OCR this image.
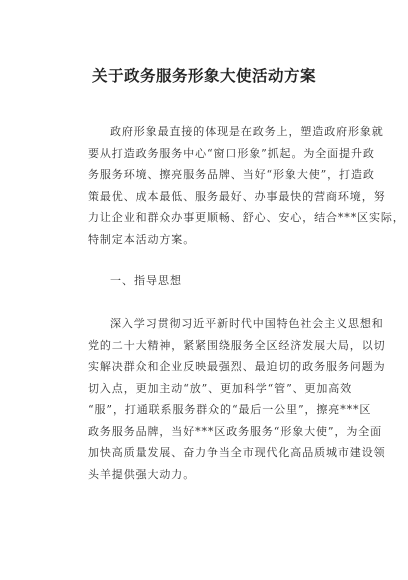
关于政务服务形象大使活动方案
政府形象最直接的体现是在政务上，塑造政府形象就
要从打造政务服务中心“窗口形象”抓起。为全面提升政
务服务环境、擦亮服务品牌、当好“形象大使”，打造政
策最优、成本最低、服务最好、办事最快的营商环境，努
力让企业和群众办事更顺畅、舒心、安心，结合***区实际，
特制定本活动方案。
一、指导思想
深入学习贯彻习近平新时代中国特色社会主义思想和
党的二十大精神，紧紧围绕服务全区经济发展大局，以切
实解决群众和企业反映最强烈、最迫切的政务服务问题为
切入点，更加主动“放”、更加科学“管”、更加高效
“服”，打通联系服务群众的“最后一公里”，擦亮***区
政务服务品牌，当好***区政务服务“形象大使”，为全面
加快高质量发展、奋力争当全市现代化高品质城市建设领
头羊提供强大动力。
